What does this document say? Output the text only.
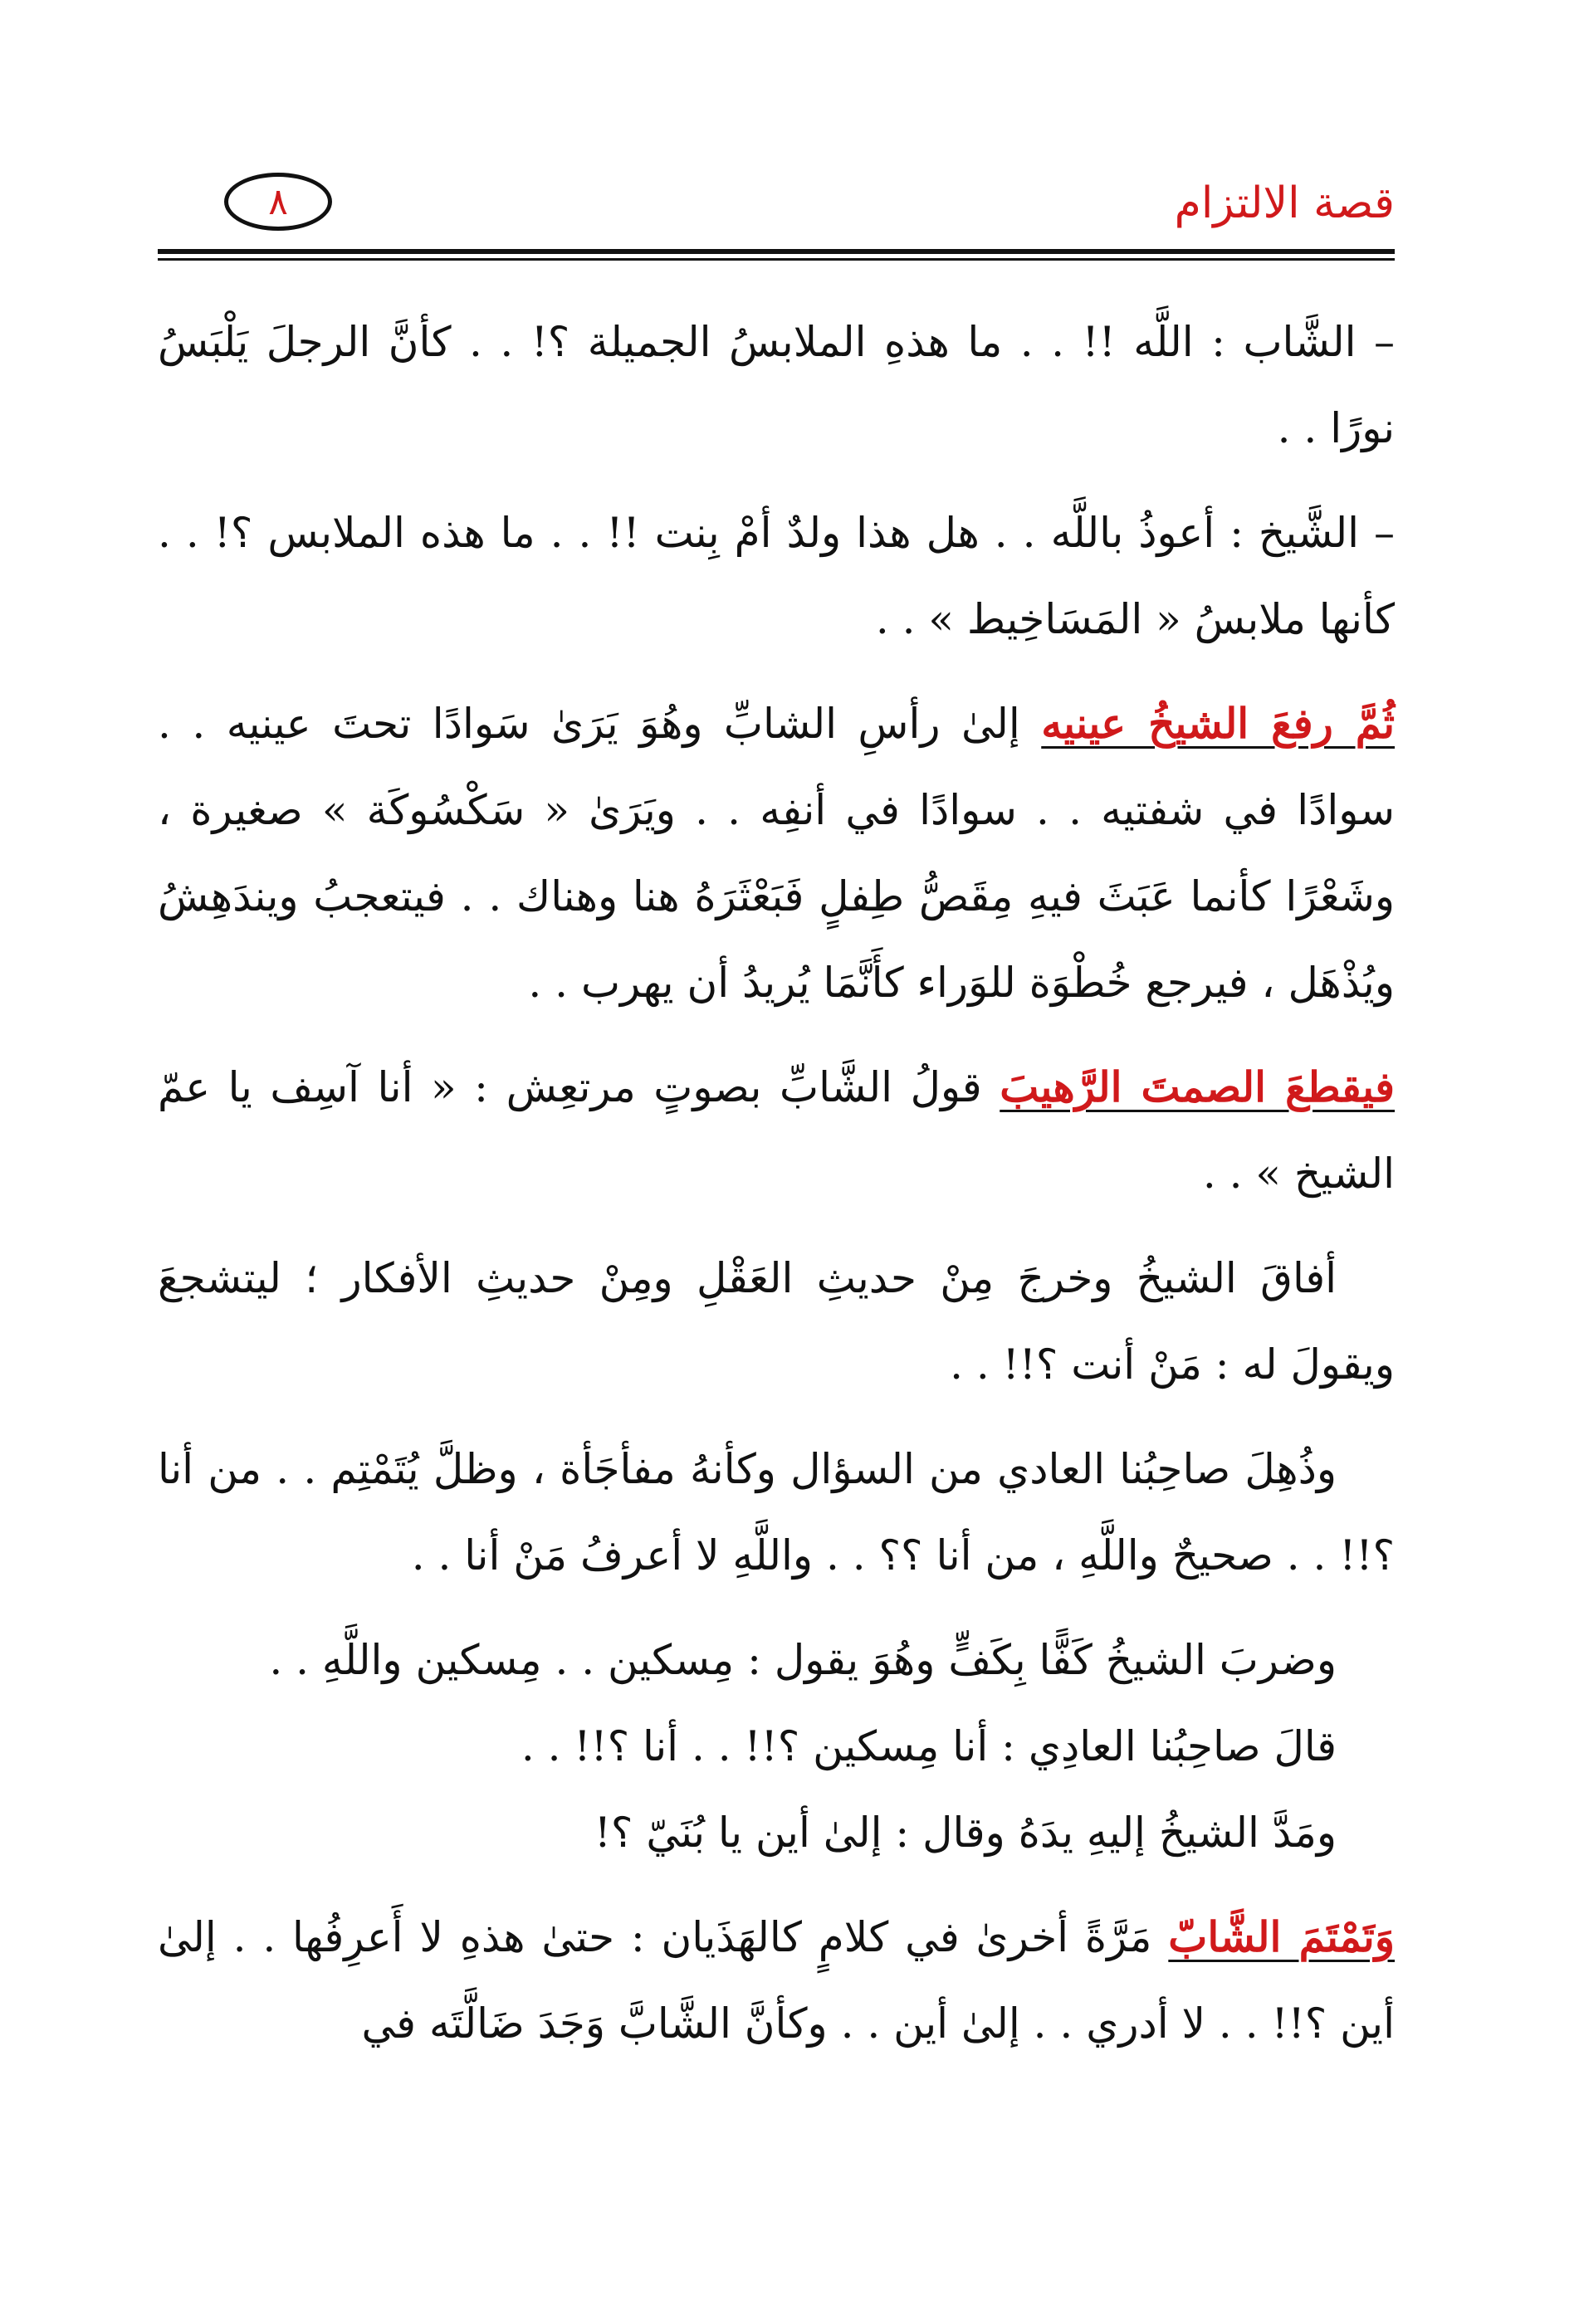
قصة الالتزام
٨

– الشَّاب : اللَّه !! . . ما هذهِ الملابسُ الجميلة ؟! . . كأنَّ الرجلَ يَلْبَسُ نورًا . .

– الشَّيخ : أعوذُ باللَّه . . هل هذا ولدٌ أمْ بِنت !! . . ما هذه الملابس ؟! . . كأنها ملابسُ « المَسَاخِيط » . .

ثُمَّ رفعَ الشيخُ عينيه إلىٰ رأسِ الشابِّ وهُوَ يَرَىٰ سَوادًا تحتَ عينيه . . سوادًا في شفتيه . . سوادًا في أنفِه . . ويَرَىٰ « سَكْسُوكَة » صغيرة ، وشَعْرًا كأنما عَبَثَ فيهِ مِقَصُّ طِفلٍ فَبَعْثَرَهُ هنا وهناك . . فيتعجبُ ويندَهِشُ ويُذْهَل ، فيرجع خُطْوَة للوَراء كأَنَّمَا يُريدُ أن يهرب . .

فيقطعَ الصمتَ الرَّهيبَ قولُ الشَّابِّ بصوتٍ مرتعِش : « أنا آسِف يا عمّ الشيخ » . .

أفاقَ الشيخُ وخرجَ مِنْ حديثِ العَقْلِ ومِنْ حديثِ الأفكار ؛ ليتشجعَ ويقولَ له : مَنْ أنت ؟!! . .

وذُهِلَ صاحِبُنا العادي من السؤال وكأنهُ مفأجَأة ، وظلَّ يُتَمْتِم . . من أنا ؟!! . . صحيحٌ واللَّهِ ، من أنا ؟؟ . . واللَّهِ لا أعرفُ مَنْ أنا . .

وضربَ الشيخُ كَفًّا بِكَفٍّ وهُوَ يقول : مِسكين . . مِسكين واللَّهِ . .

قالَ صاحِبُنا العادِي : أنا مِسكين ؟!! . . أنا ؟!! . .

ومَدَّ الشيخُ إليهِ يدَهُ وقال : إلىٰ أين يا بُنَيّ ؟!

وَتَمْتَمَ الشَّابّ مَرَّةً أخرىٰ في كلامٍ كالهَذَيان : حتىٰ هذهِ لا أَعرِفُها . . إلىٰ أين ؟!! . . لا أدري . . إلىٰ أين . . وكأنَّ الشَّابَّ وَجَدَ ضَالَّتَه في
